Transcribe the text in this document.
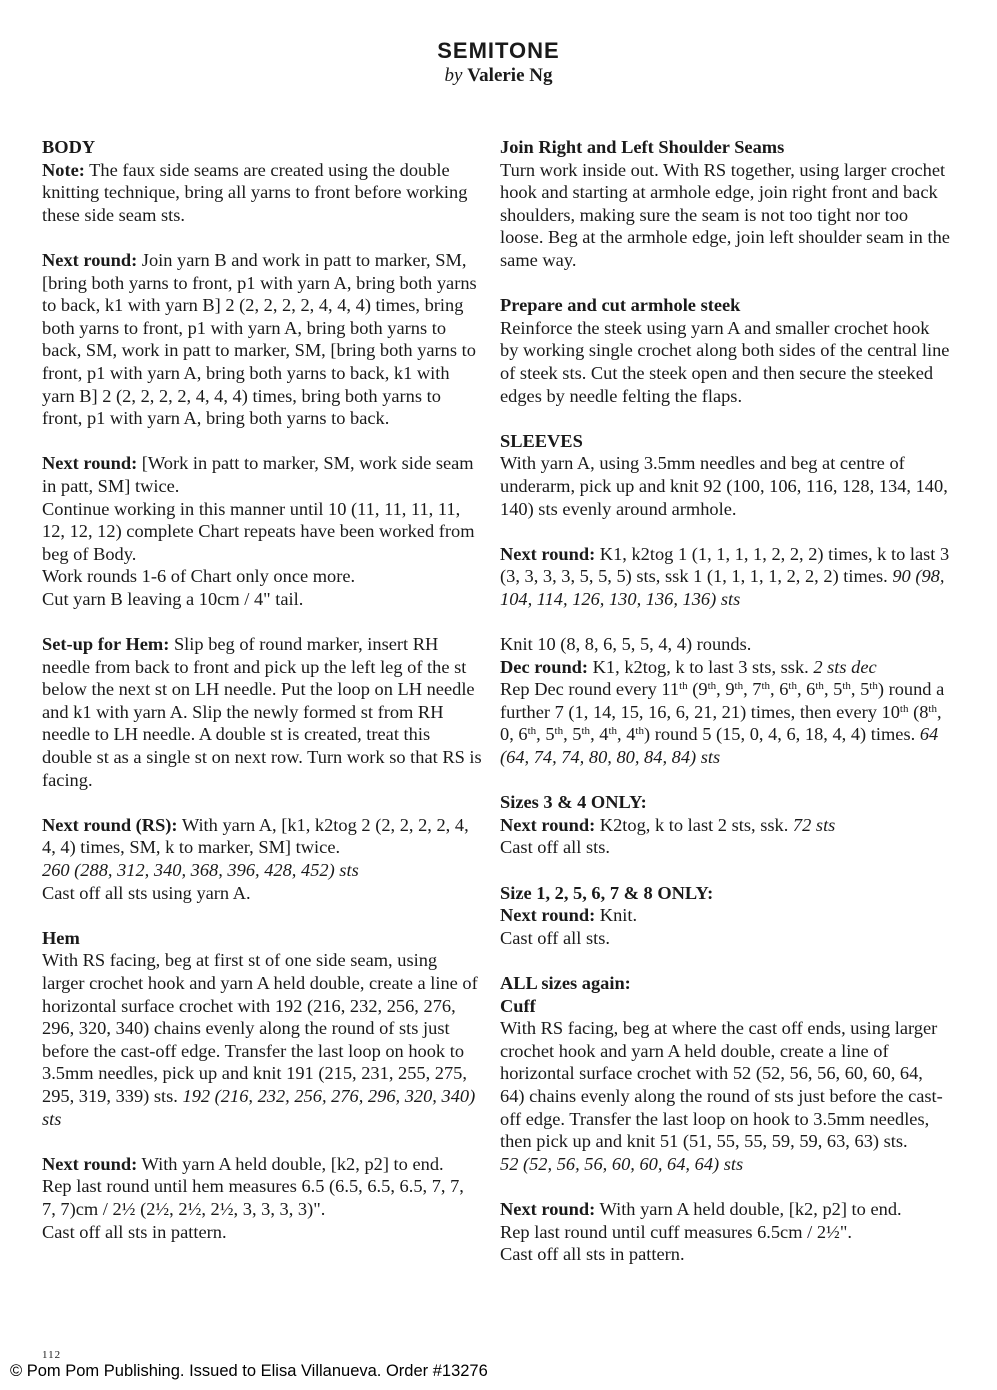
SEMITONE
by Valerie Ng
BODY

Note: The faux side seams are created using the double knitting technique, bring all yarns to front before working these side seam sts.

Next round: Join yarn B and work in patt to marker, SM, [bring both yarns to front, p1 with yarn A, bring both yarns to back, k1 with yarn B] 2 (2, 2, 2, 2, 4, 4, 4) times, bring both yarns to front, p1 with yarn A, bring both yarns to back, SM, work in patt to marker, SM, [bring both yarns to front, p1 with yarn A, bring both yarns to back, k1 with yarn B] 2 (2, 2, 2, 2, 4, 4, 4) times, bring both yarns to front, p1 with yarn A, bring both yarns to back.

Next round: [Work in patt to marker, SM, work side seam in patt, SM] twice.

Continue working in this manner until 10 (11, 11, 11, 11, 12, 12, 12) complete Chart repeats have been worked from beg of Body.

Work rounds 1-6 of Chart only once more.

Cut yarn B leaving a 10cm / 4" tail.

Set-up for Hem: Slip beg of round marker, insert RH needle from back to front and pick up the left leg of the st below the next st on LH needle. Put the loop on LH needle and k1 with yarn A. Slip the newly formed st from RH needle to LH needle. A double st is created, treat this double st as a single st on next row. Turn work so that RS is facing.

Next round (RS): With yarn A, [k1, k2tog 2 (2, 2, 2, 2, 4, 4, 4) times, SM, k to marker, SM] twice.

260 (288, 312, 340, 368, 396, 428, 452) sts

Cast off all sts using yarn A.

Hem

With RS facing, beg at first st of one side seam, using larger crochet hook and yarn A held double, create a line of horizontal surface crochet with 192 (216, 232, 256, 276, 296, 320, 340) chains evenly along the round of sts just before the cast-off edge. Transfer the last loop on hook to 3.5mm needles, pick up and knit 191 (215, 231, 255, 275, 295, 319, 339) sts. 192 (216, 232, 256, 276, 296, 320, 340) sts

Next round: With yarn A held double, [k2, p2] to end.

Rep last round until hem measures 6.5 (6.5, 6.5, 6.5, 7, 7, 7, 7)cm / 2½ (2½, 2½, 2½, 3, 3, 3, 3)".

Cast off all sts in pattern.

Join Right and Left Shoulder Seams

Turn work inside out. With RS together, using larger crochet hook and starting at armhole edge, join right front and back shoulders, making sure the seam is not too tight nor too loose. Beg at the armhole edge, join left shoulder seam in the same way.

Prepare and cut armhole steek

Reinforce the steek using yarn A and smaller crochet hook by working single crochet along both sides of the central line of steek sts. Cut the steek open and then secure the steeked edges by needle felting the flaps.

SLEEVES

With yarn A, using 3.5mm needles and beg at centre of underarm, pick up and knit 92 (100, 106, 116, 128, 134, 140, 140) sts evenly around armhole.

Next round: K1, k2tog 1 (1, 1, 1, 1, 2, 2, 2) times, k to last 3 (3, 3, 3, 3, 5, 5, 5) sts, ssk 1 (1, 1, 1, 1, 2, 2, 2) times. 90 (98, 104, 114, 126, 130, 136, 136) sts

Knit 10 (8, 8, 6, 5, 5, 4, 4) rounds.

Dec round: K1, k2tog, k to last 3 sts, ssk. 2 sts dec

Rep Dec round every 11th (9th, 9th, 7th, 6th, 6th, 5th, 5th) round a further 7 (1, 14, 15, 16, 6, 21, 21) times, then every 10th (8th, 0, 6th, 5th, 5th, 4th, 4th) round 5 (15, 0, 4, 6, 18, 4, 4) times. 64 (64, 74, 74, 80, 80, 84, 84) sts

Sizes 3 & 4 ONLY:

Next round: K2tog, k to last 2 sts, ssk. 72 sts

Cast off all sts.

Size 1, 2, 5, 6, 7 & 8 ONLY:

Next round: Knit.

Cast off all sts.

ALL sizes again:
Cuff

With RS facing, beg at where the cast off ends, using larger crochet hook and yarn A held double, create a line of horizontal surface crochet with 52 (52, 56, 56, 60, 60, 64, 64) chains evenly along the round of sts just before the cast-off edge. Transfer the last loop on hook to 3.5mm needles, then pick up and knit 51 (51, 55, 55, 59, 59, 63, 63) sts.

52 (52, 56, 56, 60, 60, 64, 64) sts

Next round: With yarn A held double, [k2, p2] to end.

Rep last round until cuff measures 6.5cm / 2½".

Cast off all sts in pattern.

112
© Pom Pom Publishing. Issued to Elisa Villanueva. Order #13276
